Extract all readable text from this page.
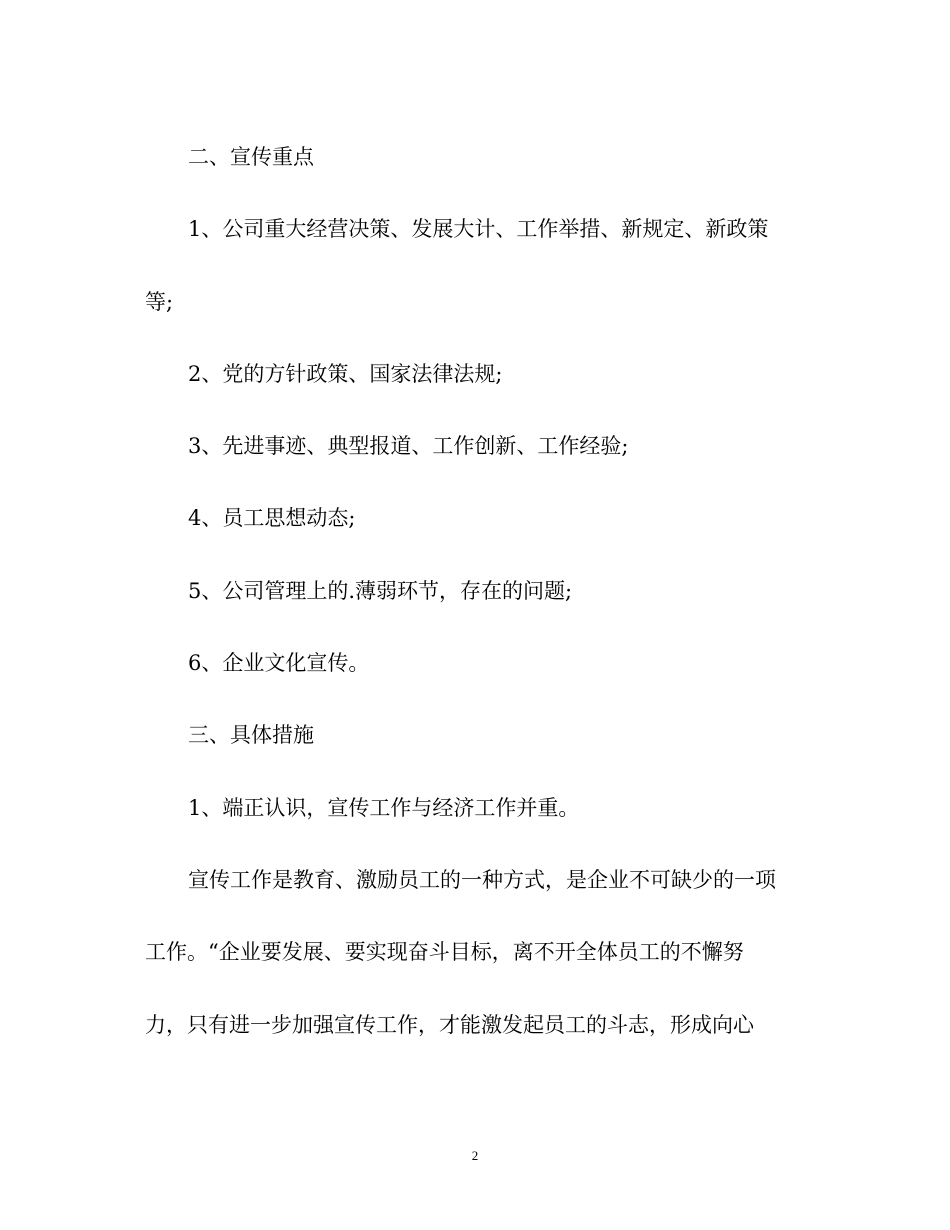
二、宣传重点
1、公司重大经营决策、发展大计、工作举措、新规定、新政策
等;
2、党的方针政策、国家法律法规;
3、先进事迹、典型报道、工作创新、工作经验;
4、员工思想动态;
5、公司管理上的.薄弱环节，存在的问题;
6、企业文化宣传。
三、具体措施
1、端正认识，宣传工作与经济工作并重。
宣传工作是教育、激励员工的一种方式，是企业不可缺少的一项
工作。“企业要发展、要实现奋斗目标，离不开全体员工的不懈努
力，只有进一步加强宣传工作，才能激发起员工的斗志，形成向心
2
